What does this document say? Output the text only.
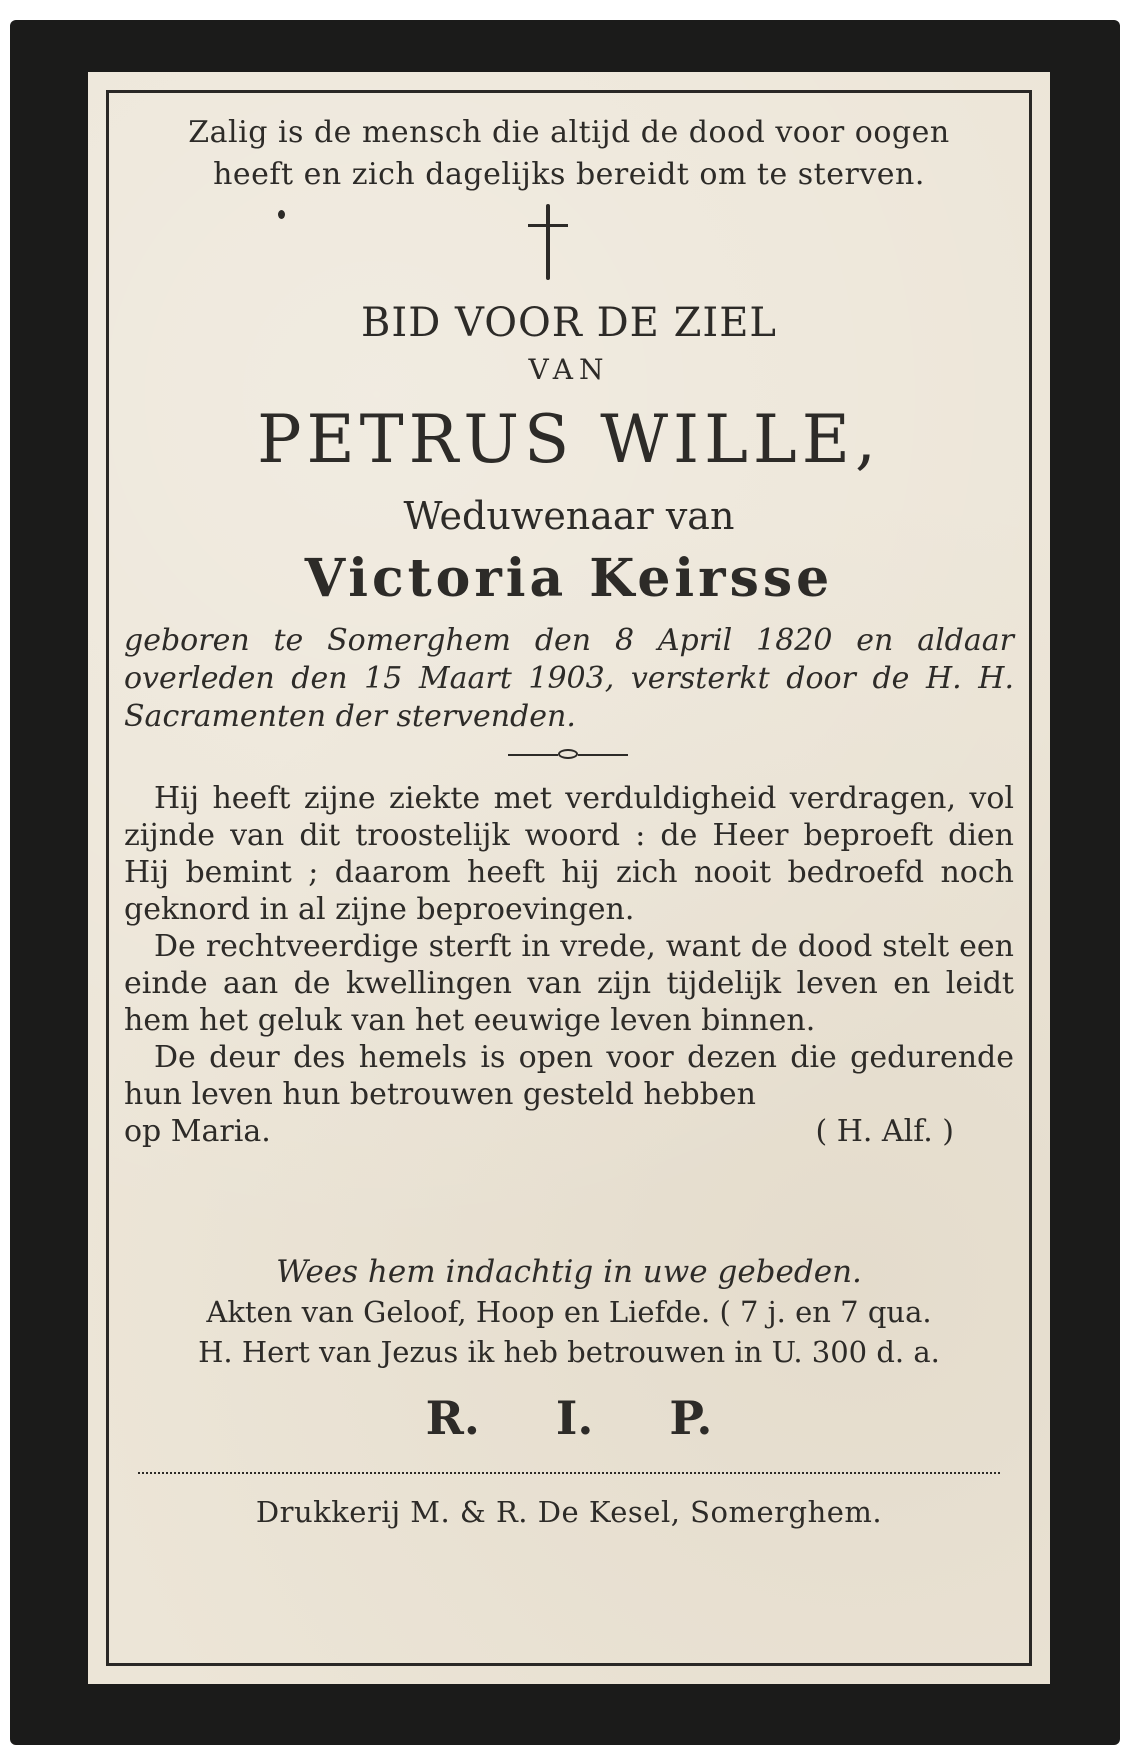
Zalig is de mensch die altijd de dood voor oogen
heeft en zich dagelijks bereidt om te sterven.
BID VOOR DE ZIEL
VAN
PETRUS WILLE,
Weduwenaar van
Victoria Keirsse
geboren te Somerghem den 8 April 1820 en aldaar overleden den 15 Maart 1903, versterkt door de H. H. Sacramenten der stervenden.

Hij heeft zijne ziekte met verduldigheid verdragen, vol zijnde van dit troostelijk woord : de Heer beproeft dien Hij bemint ; daarom heeft hij zich nooit bedroefd noch geknord in al zijne beproevingen.

De rechtveerdige sterft in vrede, want de dood stelt een einde aan de kwellingen van zijn tijdelijk leven en leidt hem het geluk van het eeuwige leven binnen.

De deur des hemels is open voor dezen die gedurende hun leven hun betrouwen gesteld hebben

op Maria.	( H. Alf. )
Wees hem indachtig in uwe gebeden.
Akten van Geloof, Hoop en Liefde. ( 7 j. en 7 qua.
H. Hert van Jezus ik heb betrouwen in U. 300 d. a.
R. I. P.
Drukkerij M. & R. De Kesel, Somerghem.
